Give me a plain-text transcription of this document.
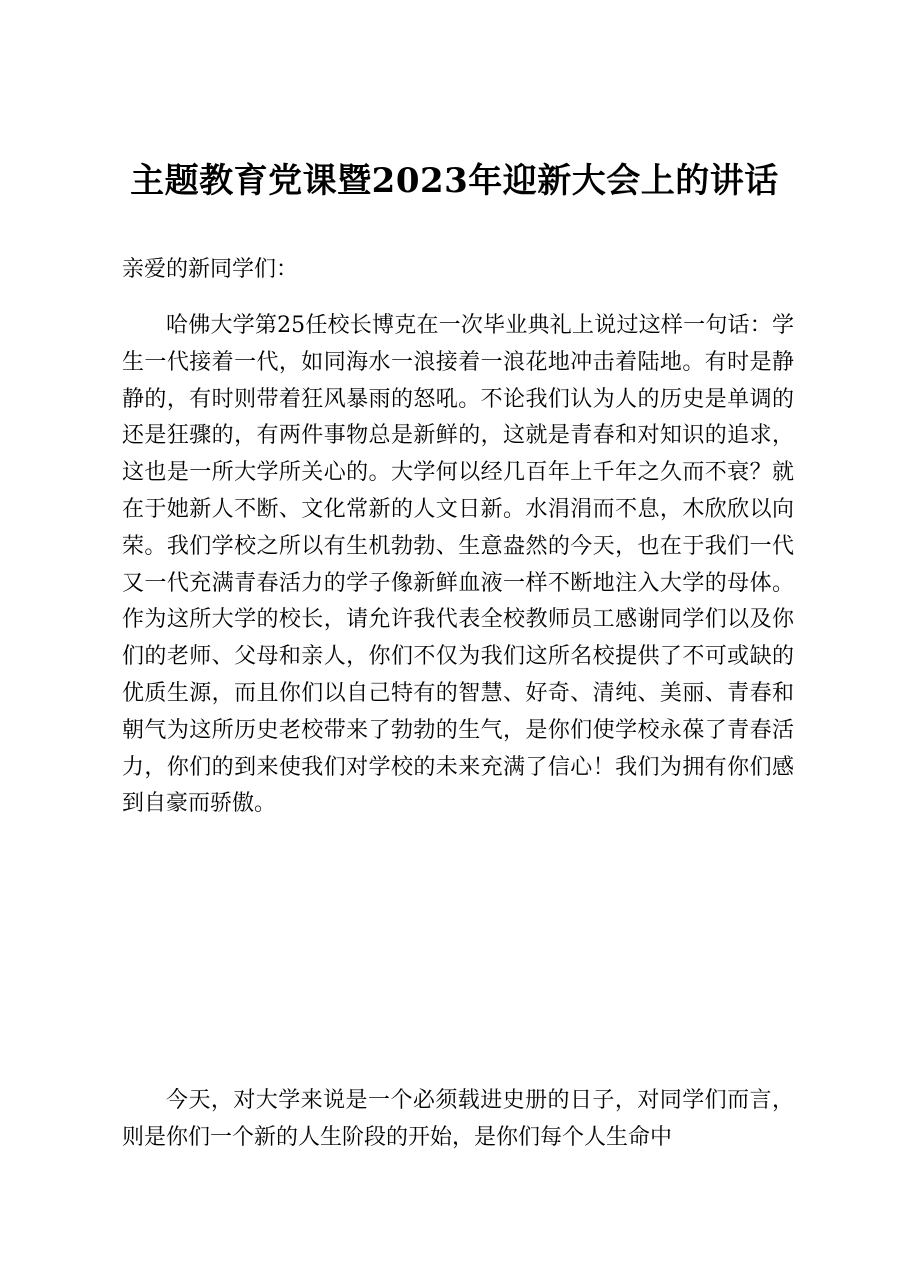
主题教育党课暨2023年迎新大会上的讲话
亲爱的新同学们：

哈佛大学第25任校长博克在一次毕业典礼上说过这样一句话：学生一代接着一代，如同海水一浪接着一浪花地冲击着陆地。有时是静静的，有时则带着狂风暴雨的怒吼。不论我们认为人的历史是单调的还是狂骤的，有两件事物总是新鲜的，这就是青春和对知识的追求，这也是一所大学所关心的。大学何以经几百年上千年之久而不衰？就在于她新人不断、文化常新的人文日新。水涓涓而不息，木欣欣以向荣。我们学校之所以有生机勃勃、生意盎然的今天，也在于我们一代又一代充满青春活力的学子像新鲜血液一样不断地注入大学的母体。作为这所大学的校长，请允许我代表全校教师员工感谢同学们以及你们的老师、父母和亲人，你们不仅为我们这所名校提供了不可或缺的优质生源，而且你们以自己特有的智慧、好奇、清纯、美丽、青春和朝气为这所历史老校带来了勃勃的生气，是你们使学校永葆了青春活力，你们的到来使我们对学校的未来充满了信心！我们为拥有你们感到自豪而骄傲。

今天，对大学来说是一个必须载进史册的日子，对同学们而言，则是你们一个新的人生阶段的开始，是你们每个人生命中
